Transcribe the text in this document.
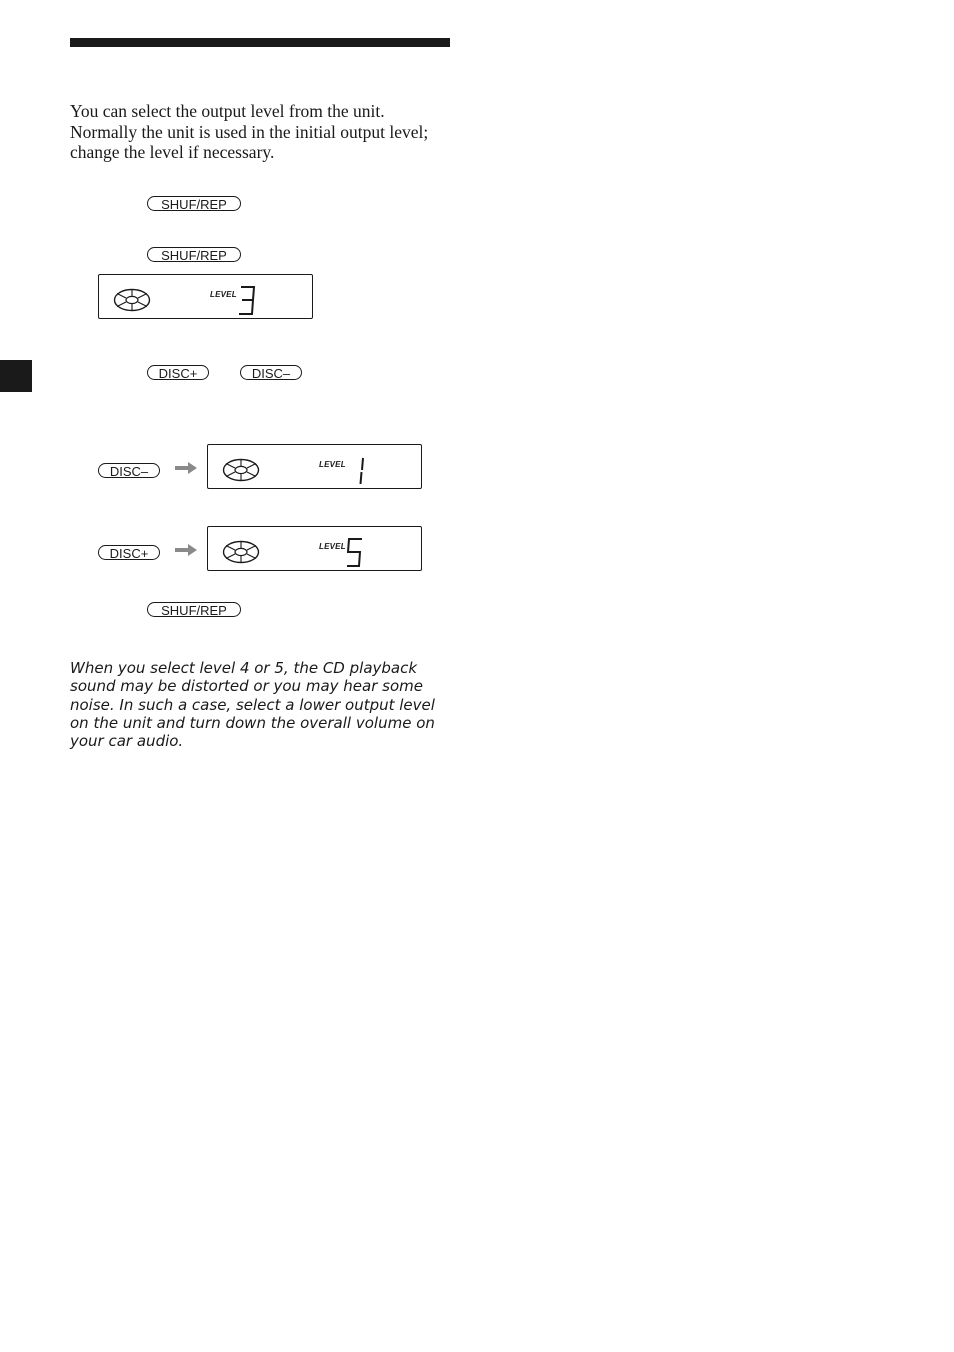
You can select the output level from the unit. Normally the unit is used in the initial output level; change the level if necessary.

SHUF/REP
SHUF/REP
LEVEL
DISC+	DISC–
DISC–	LEVEL
DISC+	LEVEL
SHUF/REP

When you select level 4 or 5, the CD playback sound may be distorted or you may hear some noise. In such a case, select a lower output level on the unit and turn down the overall volume on your car audio.
